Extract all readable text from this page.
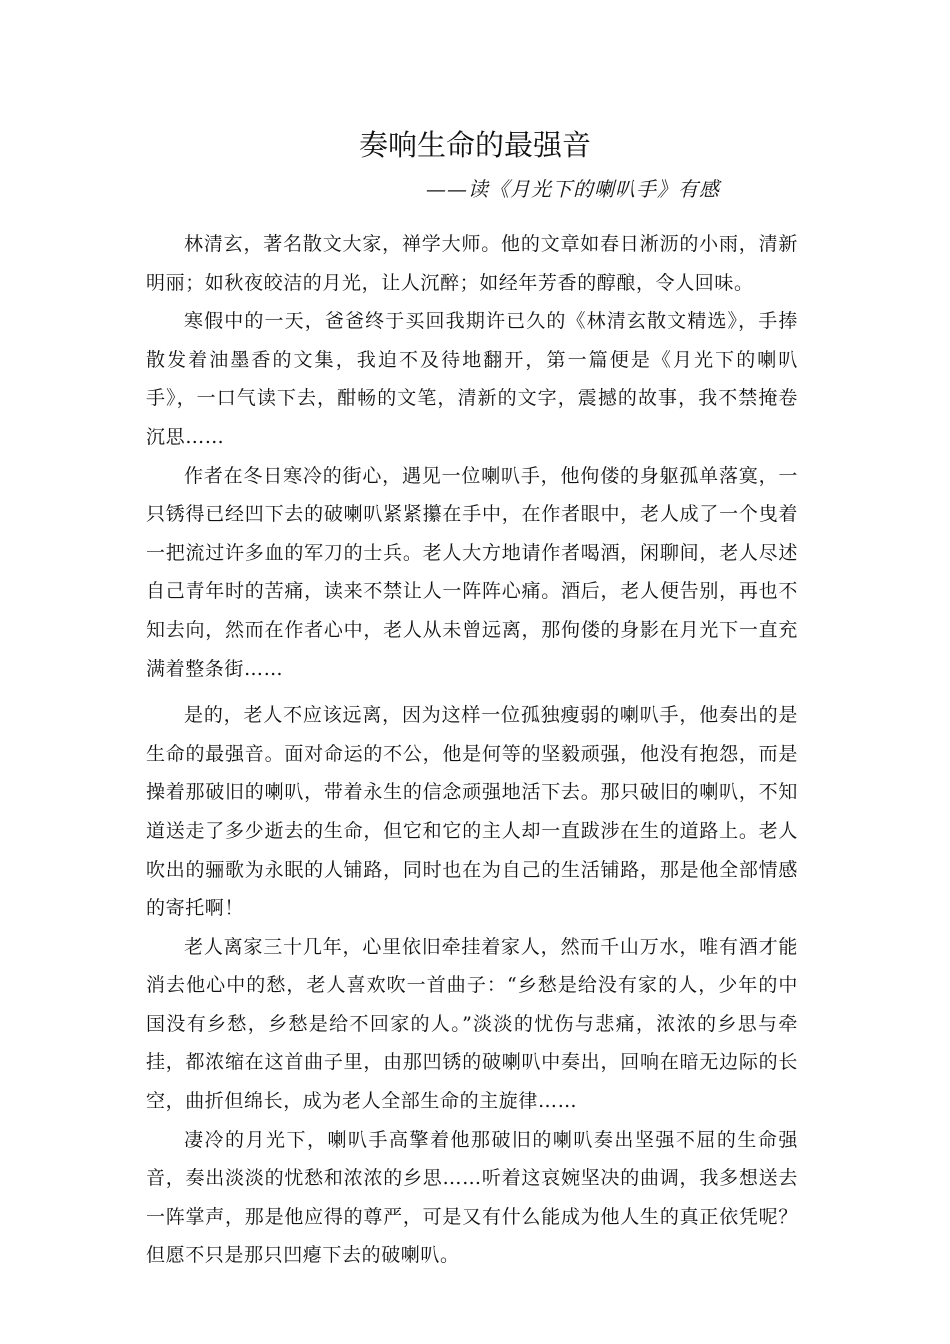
奏响生命的最强音
——读《月光下的喇叭手》有感

林清玄，著名散文大家，禅学大师。他的文章如春日淅沥的小雨，清新明丽；如秋夜皎洁的月光，让人沉醉；如经年芳香的醇酿，令人回味。

寒假中的一天，爸爸终于买回我期许已久的《林清玄散文精选》，手捧散发着油墨香的文集，我迫不及待地翻开，第一篇便是《月光下的喇叭手》，一口气读下去，酣畅的文笔，清新的文字，震撼的故事，我不禁掩卷沉思……

作者在冬日寒冷的街心，遇见一位喇叭手，他佝偻的身躯孤单落寞，一只锈得已经凹下去的破喇叭紧紧攥在手中，在作者眼中，老人成了一个曳着一把流过许多血的军刀的士兵。老人大方地请作者喝酒，闲聊间，老人尽述自己青年时的苦痛，读来不禁让人一阵阵心痛。酒后，老人便告别，再也不知去向，然而在作者心中，老人从未曾远离，那佝偻的身影在月光下一直充满着整条街……

是的，老人不应该远离，因为这样一位孤独瘦弱的喇叭手，他奏出的是生命的最强音。面对命运的不公，他是何等的坚毅顽强，他没有抱怨，而是操着那破旧的喇叭，带着永生的信念顽强地活下去。那只破旧的喇叭，不知道送走了多少逝去的生命，但它和它的主人却一直跋涉在生的道路上。老人吹出的骊歌为永眠的人铺路，同时也在为自己的生活铺路，那是他全部情感的寄托啊！

老人离家三十几年，心里依旧牵挂着家人，然而千山万水，唯有酒才能消去他心中的愁，老人喜欢吹一首曲子：“乡愁是给没有家的人，少年的中国没有乡愁，乡愁是给不回家的人。”淡淡的忧伤与悲痛，浓浓的乡思与牵挂，都浓缩在这首曲子里，由那凹锈的破喇叭中奏出，回响在暗无边际的长空，曲折但绵长，成为老人全部生命的主旋律……

凄冷的月光下，喇叭手高擎着他那破旧的喇叭奏出坚强不屈的生命强音，奏出淡淡的忧愁和浓浓的乡思……听着这哀婉坚决的曲调，我多想送去一阵掌声，那是他应得的尊严，可是又有什么能成为他人生的真正依凭呢？但愿不只是那只凹瘪下去的破喇叭。
